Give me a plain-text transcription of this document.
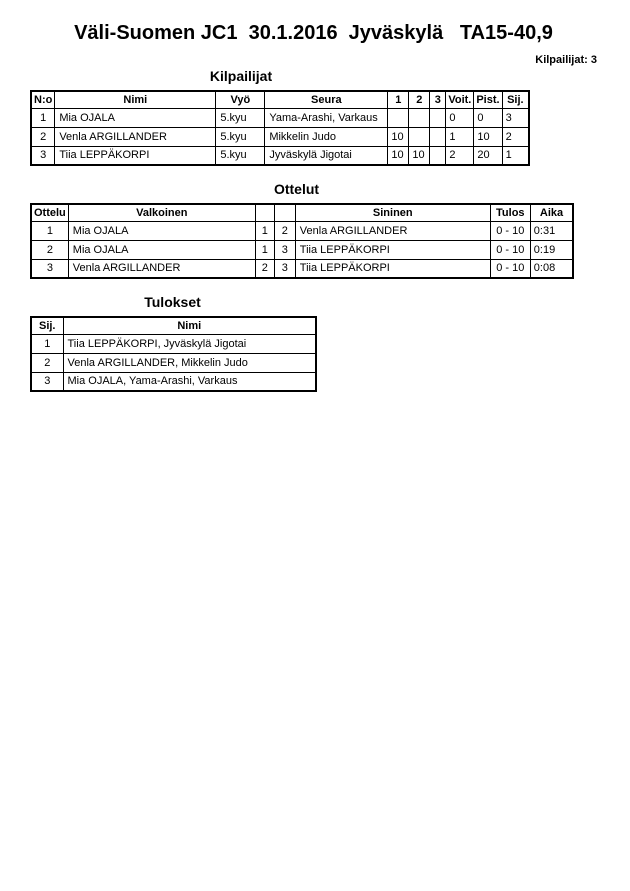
Väli-Suomen JC1  30.1.2016  Jyväskylä   TA15-40,9
Kilpailijat: 3
Kilpailijat
N:o	Nimi	Vyö	Seura	1	2	3	Voit.	Pist.	Sij.
1	Mia OJALA	5.kyu	Yama-Arashi, Varkaus				0	0	3
2	Venla ARGILLANDER	5.kyu	Mikkelin Judo	10			1	10	2
3	Tiia LEPPÄKORPI	5.kyu	Jyväskylä Jigotai	10	10		2	20	1
Ottelut
Ottelu	Valkoinen			Sininen	Tulos	Aika
1	Mia OJALA	1	2	Venla ARGILLANDER	0 - 10	0:31
2	Mia OJALA	1	3	Tiia LEPPÄKORPI	0 - 10	0:19
3	Venla ARGILLANDER	2	3	Tiia LEPPÄKORPI	0 - 10	0:08
Tulokset
Sij.	Nimi
1	Tiia LEPPÄKORPI, Jyväskylä Jigotai
2	Venla ARGILLANDER, Mikkelin Judo
3	Mia OJALA, Yama-Arashi, Varkaus
